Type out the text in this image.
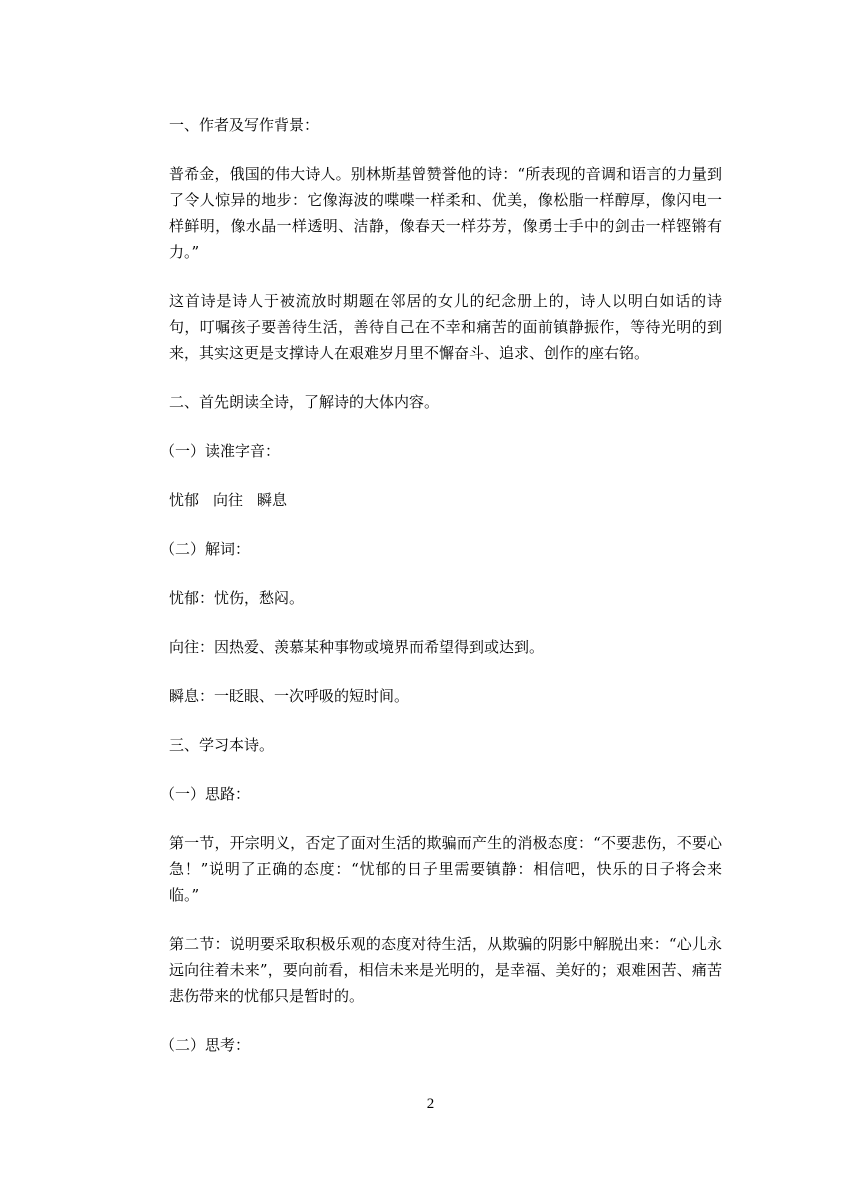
一、作者及写作背景：

普希金，俄国的伟大诗人。别林斯基曾赞誉他的诗：“所表现的音调和语言的力量到了令人惊异的地步：它像海波的喋喋一样柔和、优美，像松脂一样醇厚，像闪电一样鲜明，像水晶一样透明、洁静，像春天一样芬芳，像勇士手中的剑击一样铿锵有力。”

这首诗是诗人于被流放时期题在邻居的女儿的纪念册上的，诗人以明白如话的诗句，叮嘱孩子要善待生活，善待自己在不幸和痛苦的面前镇静振作，等待光明的到来，其实这更是支撑诗人在艰难岁月里不懈奋斗、追求、创作的座右铭。

二、首先朗读全诗，了解诗的大体内容。

（一）读准字音：

忧郁 向往 瞬息

（二）解词：

忧郁：忧伤，愁闷。

向往：因热爱、羡慕某种事物或境界而希望得到或达到。

瞬息：一眨眼、一次呼吸的短时间。

三、学习本诗。

（一）思路：

第一节，开宗明义，否定了面对生活的欺骗而产生的消极态度：“不要悲伤，不要心急！”说明了正确的态度：“忧郁的日子里需要镇静：相信吧，快乐的日子将会来临。”

第二节：说明要采取积极乐观的态度对待生活，从欺骗的阴影中解脱出来：“心儿永远向往着未来”，要向前看，相信未来是光明的，是幸福、美好的；艰难困苦、痛苦悲伤带来的忧郁只是暂时的。

（二）思考：

2
